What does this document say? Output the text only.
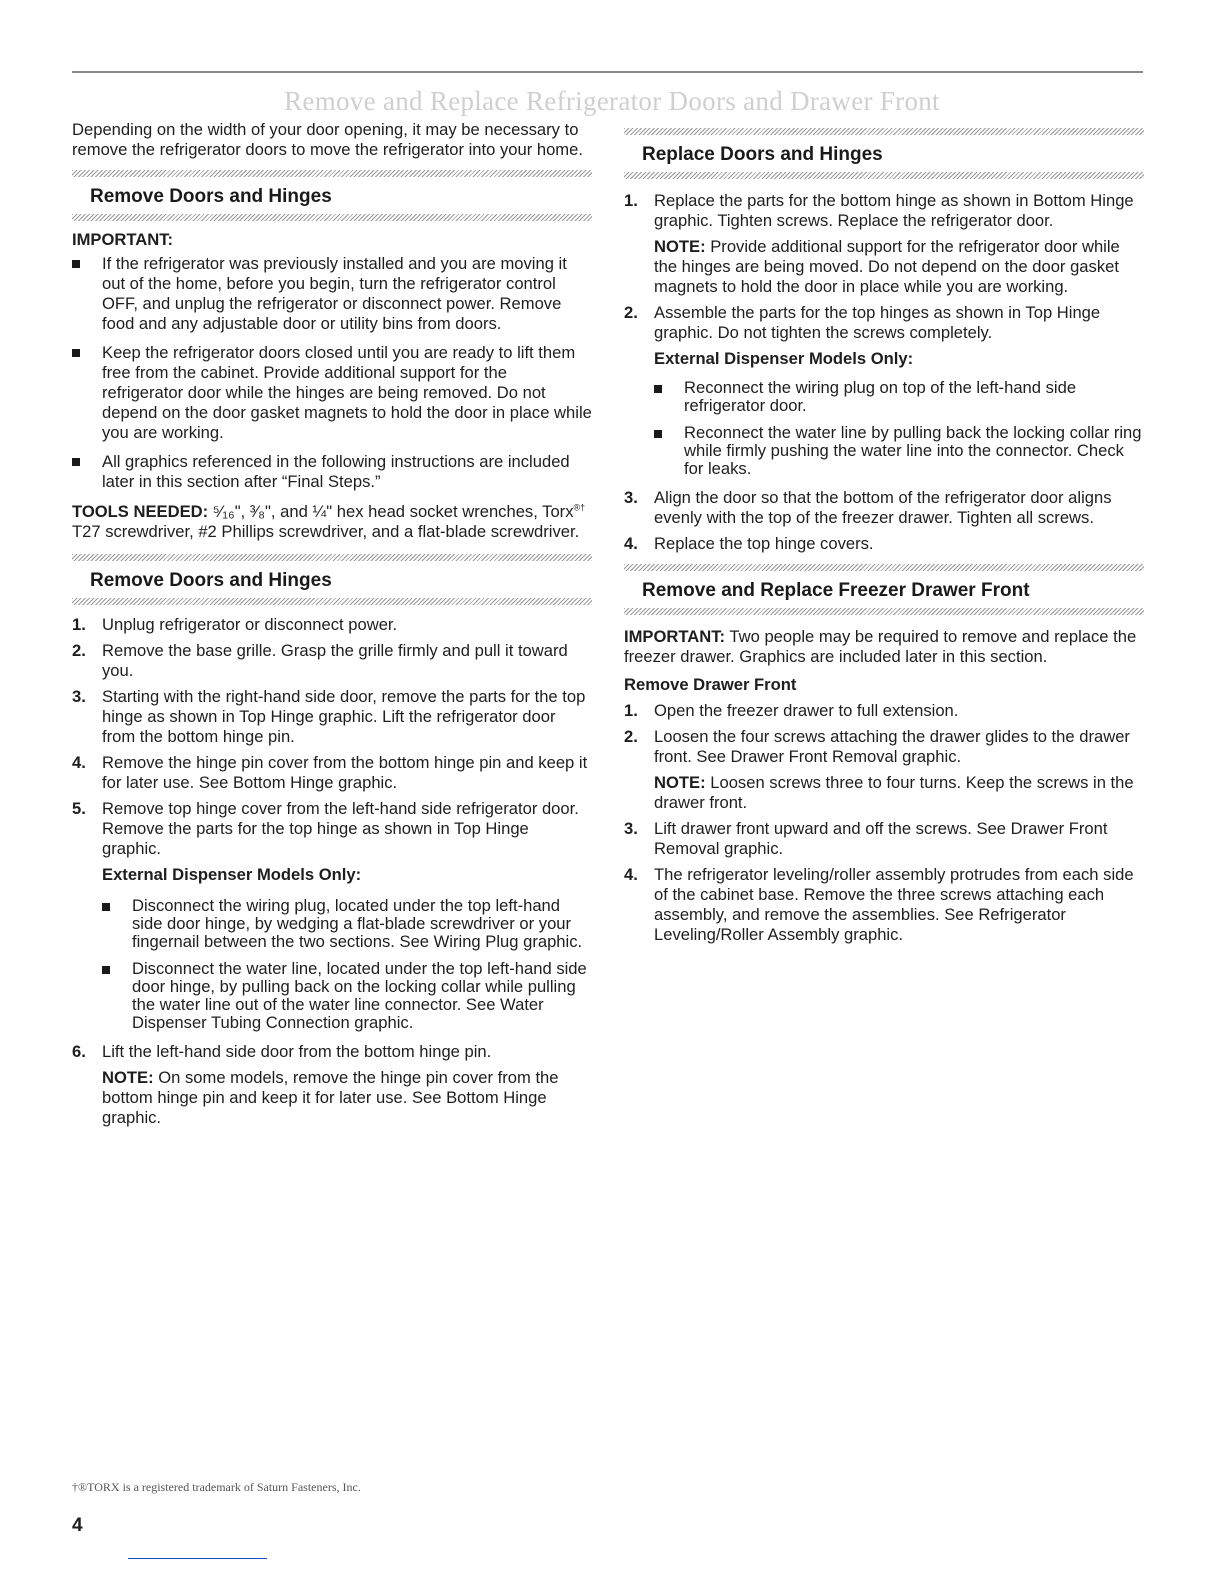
Remove and Replace Refrigerator Doors and Drawer Front

Depending on the width of your door opening, it may be necessary to remove the refrigerator doors to move the refrigerator into your home.

Remove Doors and Hinges
IMPORTANT:
If the refrigerator was previously installed and you are moving it out of the home, before you begin, turn the refrigerator control OFF, and unplug the refrigerator or disconnect power. Remove food and any adjustable door or utility bins from doors.
Keep the refrigerator doors closed until you are ready to lift them free from the cabinet. Provide additional support for the refrigerator door while the hinges are being removed. Do not depend on the door gasket magnets to hold the door in place while you are working.
All graphics referenced in the following instructions are included later in this section after “Final Steps.”

TOOLS NEEDED: ⁵⁄₁₆", ³⁄₈", and ¼" hex head socket wrenches, Torx®† T27 screwdriver, #2 Phillips screwdriver, and a flat-blade screwdriver.

Remove Doors and Hinges
1. Unplug refrigerator or disconnect power.
2. Remove the base grille. Grasp the grille firmly and pull it toward you.
3. Starting with the right-hand side door, remove the parts for the top hinge as shown in Top Hinge graphic. Lift the refrigerator door from the bottom hinge pin.
4. Remove the hinge pin cover from the bottom hinge pin and keep it for later use. See Bottom Hinge graphic.
5. Remove top hinge cover from the left-hand side refrigerator door. Remove the parts for the top hinge as shown in Top Hinge graphic.
External Dispenser Models Only:
Disconnect the wiring plug, located under the top left-hand side door hinge, by wedging a flat-blade screwdriver or your fingernail between the two sections. See Wiring Plug graphic.
Disconnect the water line, located under the top left-hand side door hinge, by pulling back on the locking collar while pulling the water line out of the water line connector. See Water Dispenser Tubing Connection graphic.
6. Lift the left-hand side door from the bottom hinge pin.
NOTE: On some models, remove the hinge pin cover from the bottom hinge pin and keep it for later use. See Bottom Hinge graphic.
Replace Doors and Hinges
1. Replace the parts for the bottom hinge as shown in Bottom Hinge graphic. Tighten screws. Replace the refrigerator door.
NOTE: Provide additional support for the refrigerator door while the hinges are being moved. Do not depend on the door gasket magnets to hold the door in place while you are working.
2. Assemble the parts for the top hinges as shown in Top Hinge graphic. Do not tighten the screws completely.
External Dispenser Models Only:
Reconnect the wiring plug on top of the left-hand side refrigerator door.
Reconnect the water line by pulling back the locking collar ring while firmly pushing the water line into the connector. Check for leaks.
3. Align the door so that the bottom of the refrigerator door aligns evenly with the top of the freezer drawer. Tighten all screws.
4. Replace the top hinge covers.
Remove and Replace Freezer Drawer Front

IMPORTANT: Two people may be required to remove and replace the freezer drawer. Graphics are included later in this section.

Remove Drawer Front
1. Open the freezer drawer to full extension.
2. Loosen the four screws attaching the drawer glides to the drawer front. See Drawer Front Removal graphic.
NOTE: Loosen screws three to four turns. Keep the screws in the drawer front.
3. Lift drawer front upward and off the screws. See Drawer Front Removal graphic.
4. The refrigerator leveling/roller assembly protrudes from each side of the cabinet base. Remove the three screws attaching each assembly, and remove the assemblies. See Refrigerator Leveling/Roller Assembly graphic.
†®TORX is a registered trademark of Saturn Fasteners, Inc.
4
